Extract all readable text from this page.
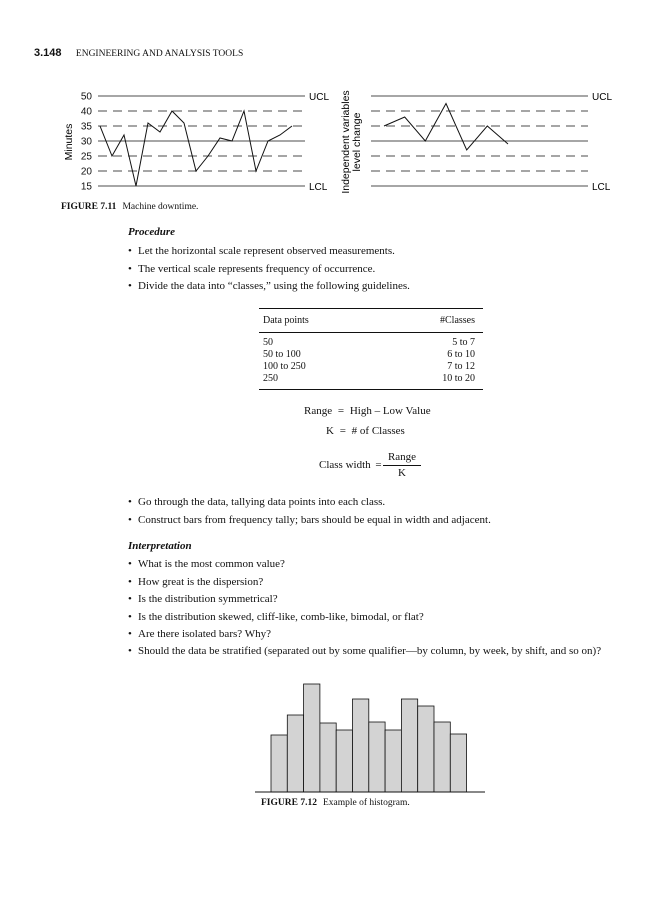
3.148 ENGINEERING AND ANALYSIS TOOLS
50
40
35
30
25
20
15
UCL
LCL
Minutes
UCL
LCL
Independent variables level change
FIGURE 7.11 Machine downtime.
Procedure
• Let the horizontal scale represent observed measurements.
• The vertical scale represents frequency of occurrence.
• Divide the data into “classes,” using the following guidelines.
Data points	#Classes
50	5 to 7
50 to 100	6 to 10
100 to 250	7 to 12
250	10 to 20
Range = High – Low Value
K = # of Classes
Class width =
Range
K
• Go through the data, tallying data points into each class.
• Construct bars from frequency tally; bars should be equal in width and adjacent.
Interpretation
• What is the most common value?
• How great is the dispersion?
• Is the distribution symmetrical?
• Is the distribution skewed, cliff-like, comb-like, bimodal, or flat?
• Are there isolated bars? Why?
• Should the data be stratified (separated out by some qualifier—by column, by week, by shift, and so on)?
FIGURE 7.12 Example of histogram.
